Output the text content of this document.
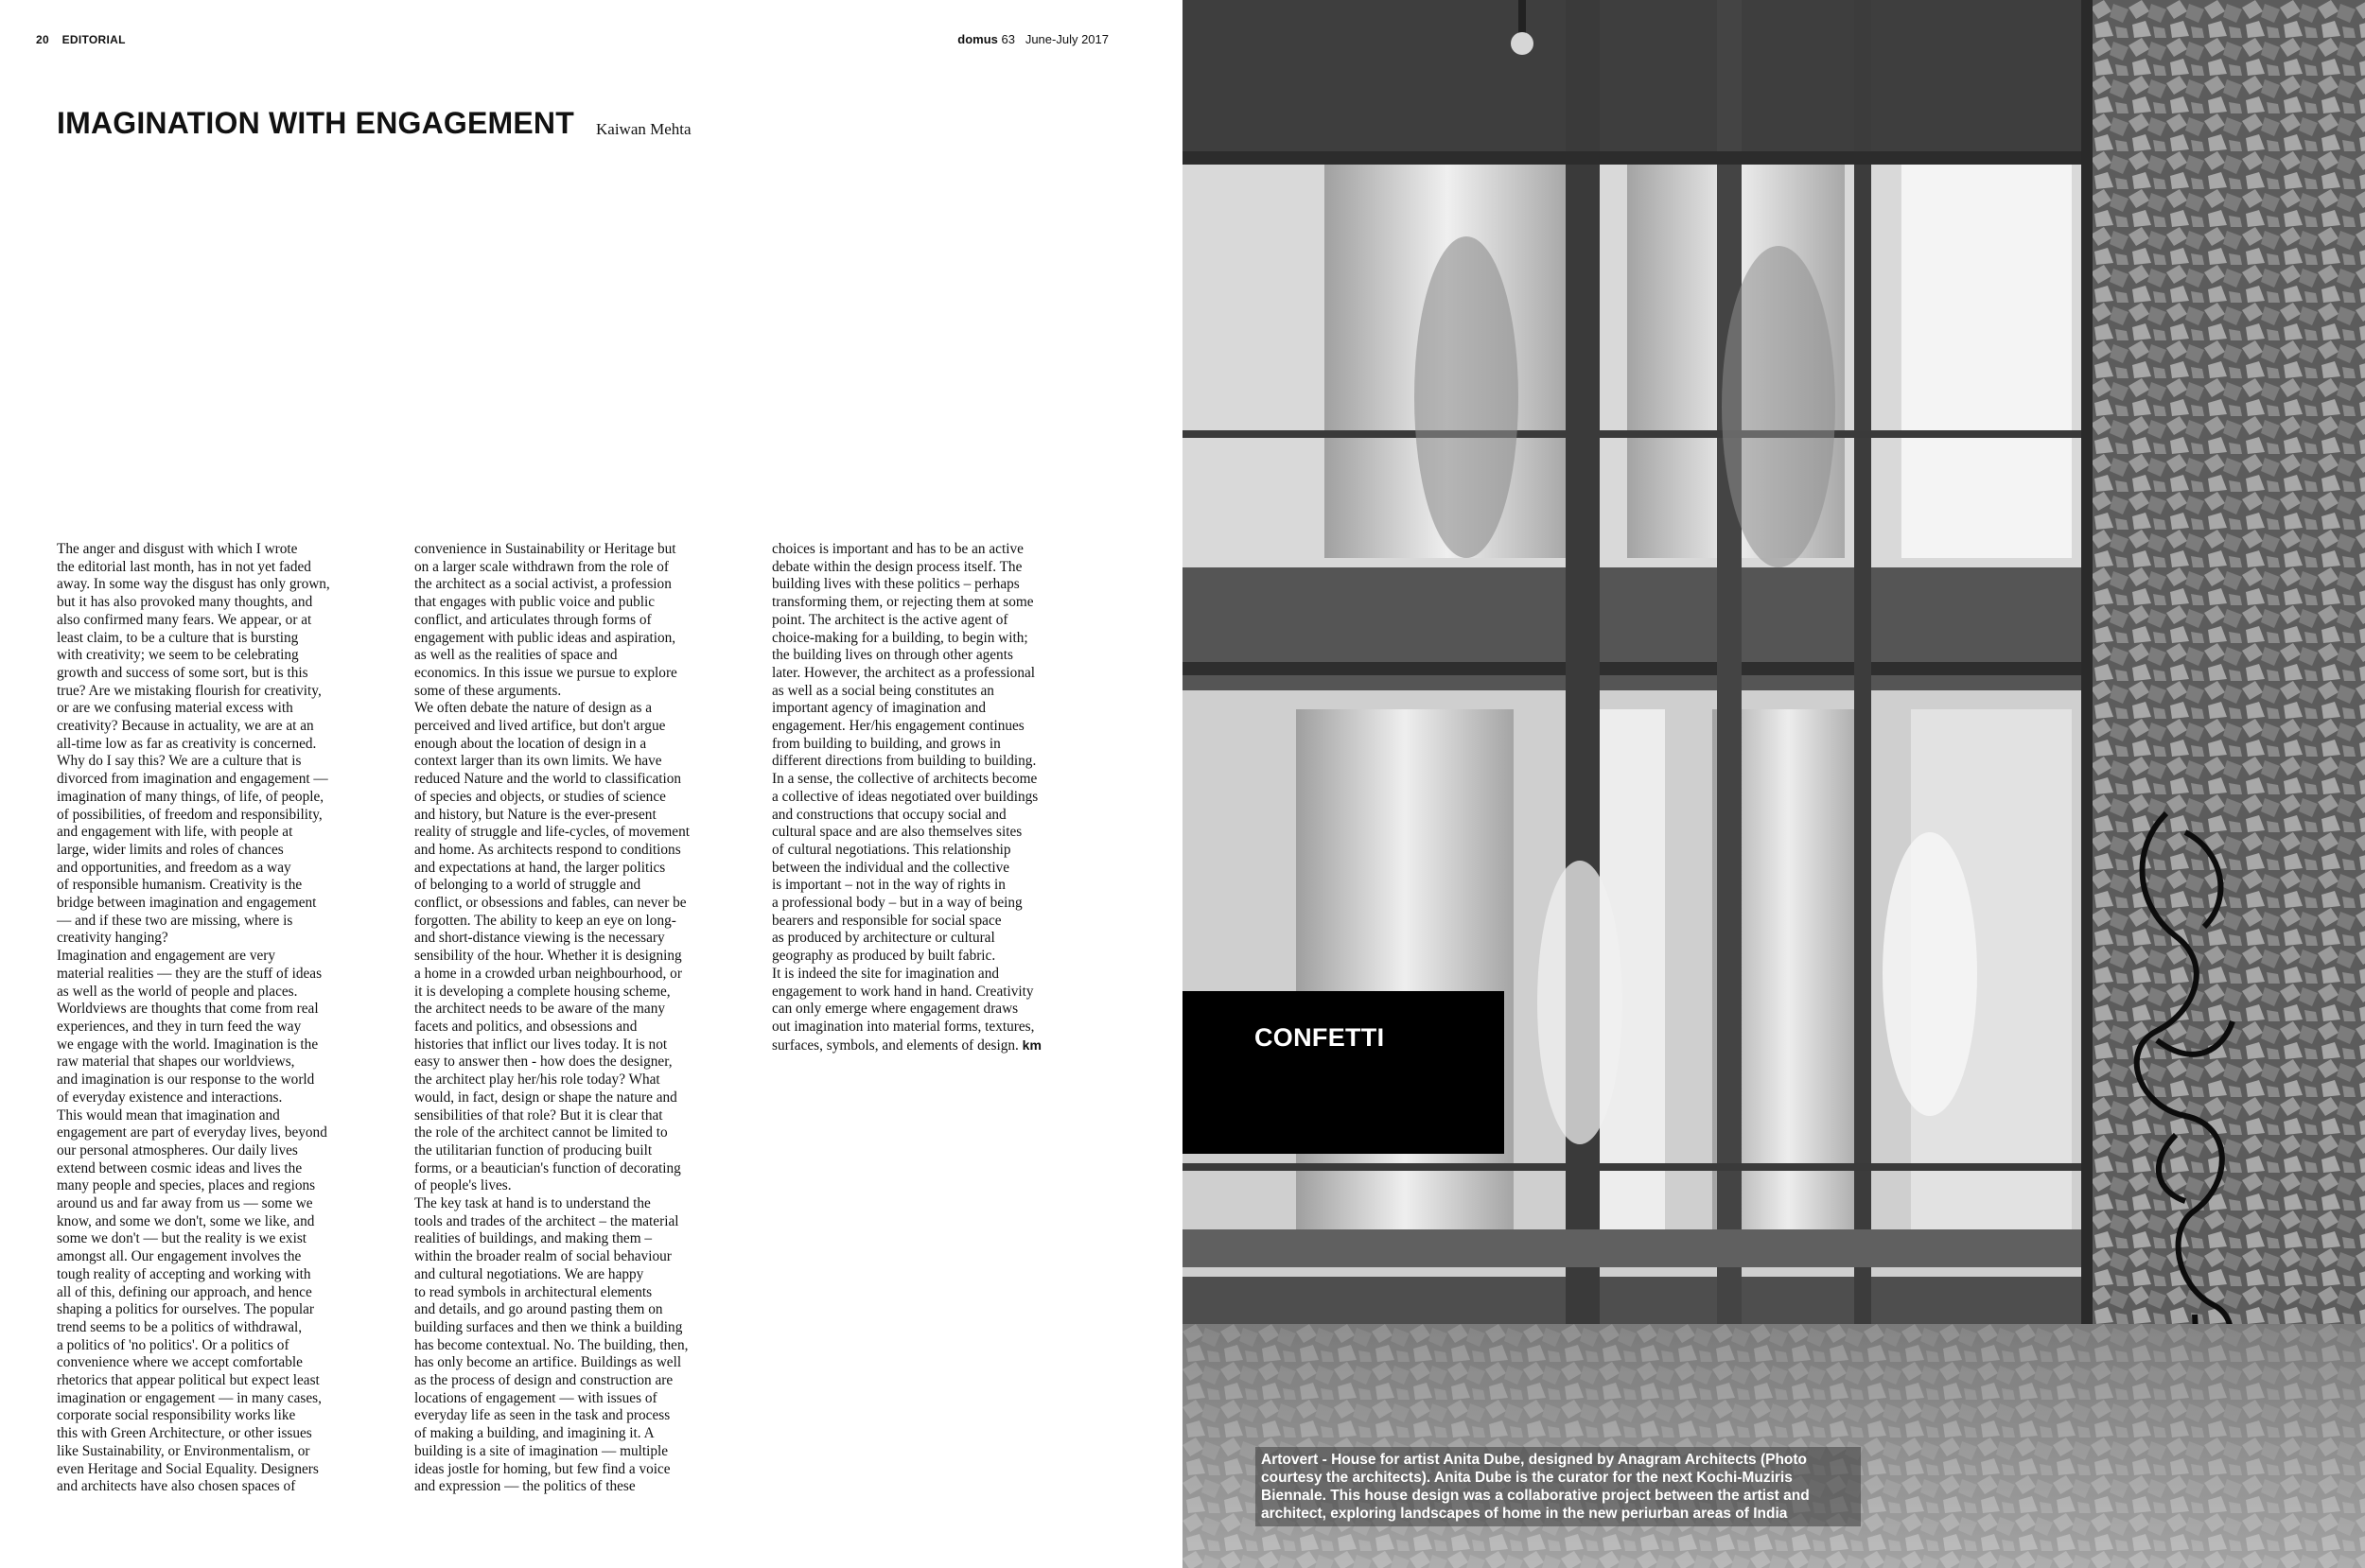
20 EDITORIAL	domus 63 June-July 2017
IMAGINATION WITH ENGAGEMENT Kaiwan Mehta

The anger and disgust with which I wrote
the editorial last month, has in not yet faded
away. In some way the disgust has only grown,
but it has also provoked many thoughts, and
also confirmed many fears. We appear, or at
least claim, to be a culture that is bursting
with creativity; we seem to be celebrating
growth and success of some sort, but is this
true? Are we mistaking flourish for creativity,
or are we confusing material excess with
creativity? Because in actuality, we are at an
all-time low as far as creativity is concerned.
Why do I say this? We are a culture that is
divorced from imagination and engagement —
imagination of many things, of life, of people,
of possibilities, of freedom and responsibility,
and engagement with life, with people at
large, wider limits and roles of chances
and opportunities, and freedom as a way
of responsible humanism. Creativity is the
bridge between imagination and engagement
— and if these two are missing, where is
creativity hanging?

Imagination and engagement are very
material realities — they are the stuff of ideas
as well as the world of people and places.
Worldviews are thoughts that come from real
experiences, and they in turn feed the way
we engage with the world. Imagination is the
raw material that shapes our worldviews,
and imagination is our response to the world
of everyday existence and interactions.

This would mean that imagination and
engagement are part of everyday lives, beyond
our personal atmospheres. Our daily lives
extend between cosmic ideas and lives the
many people and species, places and regions
around us and far away from us — some we
know, and some we don't, some we like, and
some we don't — but the reality is we exist
amongst all. Our engagement involves the
tough reality of accepting and working with
all of this, defining our approach, and hence
shaping a politics for ourselves. The popular
trend seems to be a politics of withdrawal,
a politics of 'no politics'. Or a politics of
convenience where we accept comfortable
rhetorics that appear political but expect least
imagination or engagement — in many cases,
corporate social responsibility works like
this with Green Architecture, or other issues
like Sustainability, or Environmentalism, or
even Heritage and Social Equality. Designers
and architects have also chosen spaces of

convenience in Sustainability or Heritage but
on a larger scale withdrawn from the role of
the architect as a social activist, a profession
that engages with public voice and public
conflict, and articulates through forms of
engagement with public ideas and aspiration,
as well as the realities of space and
economics. In this issue we pursue to explore
some of these arguments.

We often debate the nature of design as a
perceived and lived artifice, but don't argue
enough about the location of design in a
context larger than its own limits. We have
reduced Nature and the world to classification
of species and objects, or studies of science
and history, but Nature is the ever-present
reality of struggle and life-cycles, of movement
and home. As architects respond to conditions
and expectations at hand, the larger politics
of belonging to a world of struggle and
conflict, or obsessions and fables, can never be
forgotten. The ability to keep an eye on long-
and short-distance viewing is the necessary
sensibility of the hour. Whether it is designing
a home in a crowded urban neighbourhood, or
it is developing a complete housing scheme,
the architect needs to be aware of the many
facets and politics, and obsessions and
histories that inflict our lives today. It is not
easy to answer then - how does the designer,
the architect play her/his role today? What
would, in fact, design or shape the nature and
sensibilities of that role? But it is clear that
the role of the architect cannot be limited to
the utilitarian function of producing built
forms, or a beautician's function of decorating
of people's lives.

The key task at hand is to understand the
tools and trades of the architect – the material
realities of buildings, and making them –
within the broader realm of social behaviour
and cultural negotiations. We are happy
to read symbols in architectural elements
and details, and go around pasting them on
building surfaces and then we think a building
has become contextual. No. The building, then,
has only become an artifice. Buildings as well
as the process of design and construction are
locations of engagement — with issues of
everyday life as seen in the task and process
of making a building, and imagining it. A
building is a site of imagination — multiple
ideas jostle for homing, but few find a voice
and expression — the politics of these

choices is important and has to be an active
debate within the design process itself. The
building lives with these politics – perhaps
transforming them, or rejecting them at some
point. The architect is the active agent of
choice-making for a building, to begin with;
the building lives on through other agents
later. However, the architect as a professional
as well as a social being constitutes an
important agency of imagination and
engagement. Her/his engagement continues
from building to building, and grows in
different directions from building to building.
In a sense, the collective of architects become
a collective of ideas negotiated over buildings
and constructions that occupy social and
cultural space and are also themselves sites
of cultural negotiations. This relationship
between the individual and the collective
is important – not in the way of rights in
a professional body – but in a way of being
bearers and responsible for social space
as produced by architecture or cultural
geography as produced by built fabric.

It is indeed the site for imagination and
engagement to work hand in hand. Creativity
can only emerge where engagement draws
out imagination into material forms, textures,
surfaces, symbols, and elements of design. km	CONFETTI
Artovert - House for artist Anita Dube, designed by Anagram Architects (Photo courtesy the architects). Anita Dube is the curator for the next Kochi-Muziris Biennale. This house design was a collaborative project between the artist and architect, exploring landscapes of home in the new periurban areas of India
